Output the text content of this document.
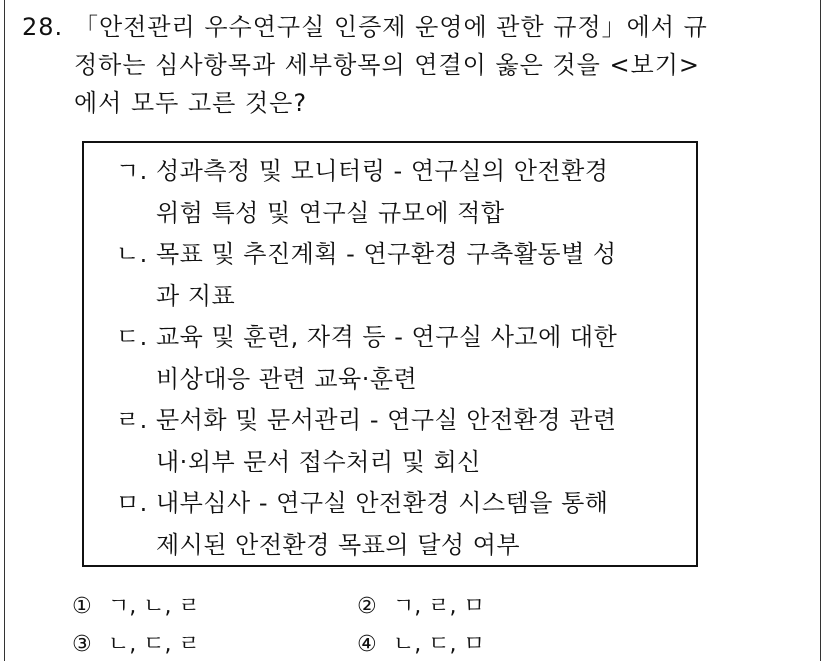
28. 「안전관리 우수연구실 인증제 운영에 관한 규정」에서 규
정하는 심사항목과 세부항목의 연결이 옳은 것을 <보기>
에서 모두 고른 것은?
ㄱ. 성과측정 및 모니터링 - 연구실의 안전환경
위험 특성 및 연구실 규모에 적합
ㄴ. 목표 및 추진계획 - 연구환경 구축활동별 성
과 지표
ㄷ. 교육 및 훈련, 자격 등 - 연구실 사고에 대한
비상대응 관련 교육·훈련
ㄹ. 문서화 및 문서관리 - 연구실 안전환경 관련
내·외부 문서 접수처리 및 회신
ㅁ. 내부심사 - 연구실 안전환경 시스템을 통해
제시된 안전환경 목표의 달성 여부
① ㄱ, ㄴ, ㄹ	② ㄱ, ㄹ, ㅁ
③ ㄴ, ㄷ, ㄹ	④ ㄴ, ㄷ, ㅁ
